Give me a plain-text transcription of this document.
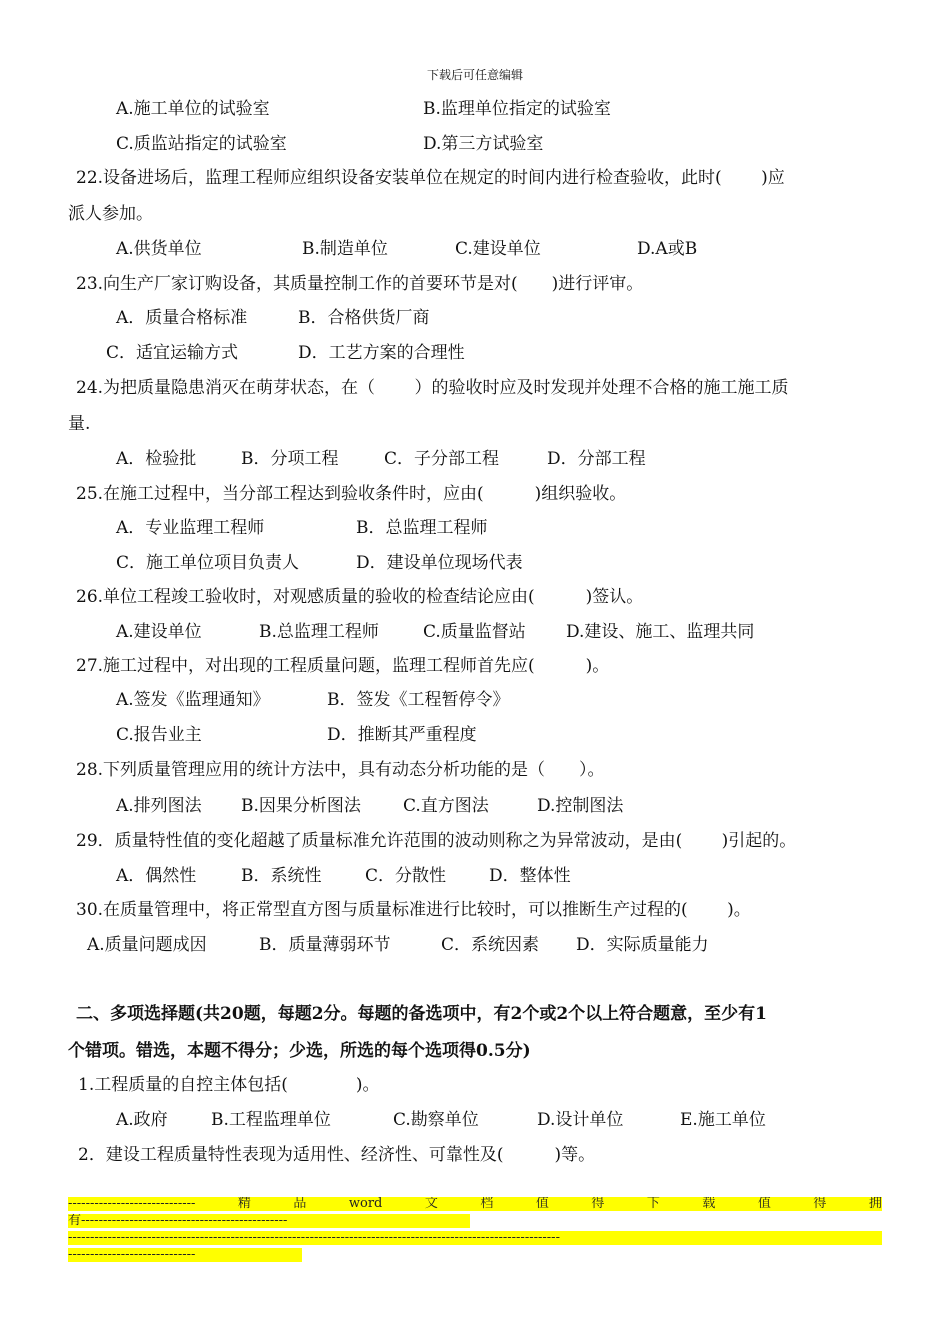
下载后可任意编辑
A.施工单位的试验室	B.监理单位指定的试验室
C.质监站指定的试验室	D.第三方试验室
22.设备进场后，监理工程师应组织设备安装单位在规定的时间内进行检查验收，此时(　　 )应
派人参加。
A.供货单位	B.制造单位	C.建设单位	D.A或B
23.向生产厂家订购设备，其质量控制工作的首要环节是对(　　)进行评审。
A．质量合格标准	B．合格供货厂商
C．适宜运输方式	D．工艺方案的合理性
24.为把质量隐患消灭在萌芽状态，在（　　 ）的验收时应及时发现并处理不合格的施工施工质
量.
A．检验批	B．分项工程	C．子分部工程	D．分部工程
25.在施工过程中，当分部工程达到验收条件时，应由(　　　)组织验收。
A．专业监理工程师	B．总监理工程师
C．施工单位项目负责人	D．建设单位现场代表
26.单位工程竣工验收时，对观感质量的验收的检查结论应由(　　　)签认。
A.建设单位	B.总监理工程师	C.质量监督站 D.建设、施工、监理共同
27.施工过程中，对出现的工程质量问题，监理工程师首先应(　　　)。
A.签发《监理通知》	B．签发《工程暂停令》
C.报告业主	D．推断其严重程度
28.下列质量管理应用的统计方法中，具有动态分析功能的是（　　）。
A.排列图法 B.因果分析图法 C.直方图法	D.控制图法
29．质量特性值的变化超越了质量标准允许范围的波动则称之为异常波动，是由(　　 )引起的。
A．偶然性	B．系统性	C．分散性	D．整体性
30.在质量管理中，将正常型直方图与质量标准进行比较时，可以推断生产过程的(　　 )。
A.质量问题成因	B．质量薄弱环节	C．系统因素 D．实际质量能力
二、多项选择题(共20题，每题2分。每题的备选项中，有2个或2个以上符合题意，至少有1
个错项。错选，本题不得分；少选，所选的每个选项得0.5分)
1.工程质量的自控主体包括(　　　　)。
A.政府	B.工程监理单位	C.勘察单位	D.设计单位	E.施工单位
2．建设工程质量特性表现为适用性、经济性、可靠性及(　　　)等。
-----------------------------	精	品	word	文	档	值	得	下	载	值	得	拥
有-----------------------------------------------
----------------------------------------------------------------------------------------------------------------
-----------------------------
